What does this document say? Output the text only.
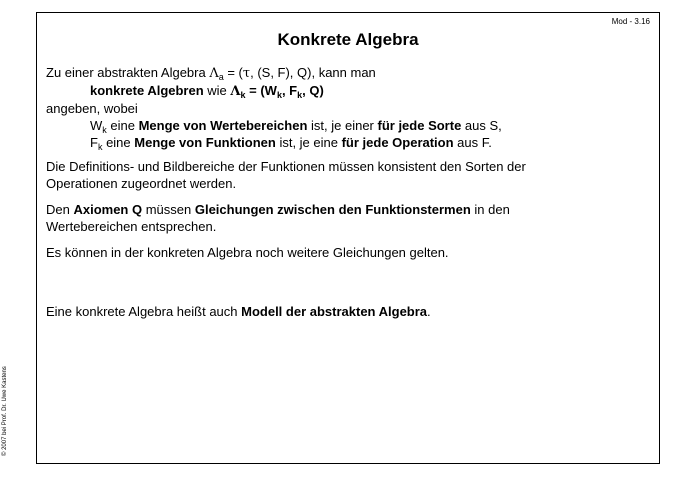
Mod - 3.16
© 2007 bei Prof. Dr. Uwe Kastens
Konkrete Algebra
Zu einer abstrakten Algebra $\Lambda_a = (\tau$, (S, F), Q), kann man
konkrete Algebren wie $\Lambda_k = (W_k$, $F_k$, Q)
angeben, wobei
$W_k$ eine Menge von Wertebereichen ist, je einer für jede Sorte aus S,
$F_k$ eine Menge von Funktionen ist, je eine für jede Operation aus F.
Die Definitions- und Bildbereiche der Funktionen müssen konsistent den Sorten der
Operationen zugeordnet werden.
Den Axiomen Q müssen Gleichungen zwischen den Funktionstermen in den
Wertebereichen entsprechen.
Es können in der konkreten Algebra noch weitere Gleichungen gelten.
Eine konkrete Algebra heißt auch Modell der abstrakten Algebra.
